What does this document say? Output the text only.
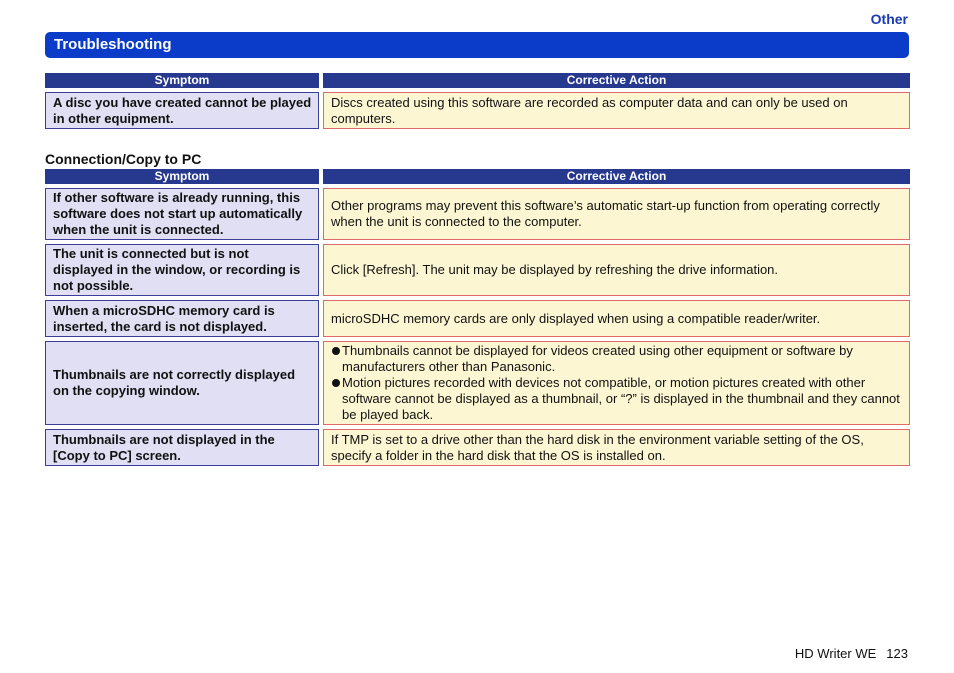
Other
Troubleshooting
Symptom	Corrective Action
A disc you have created cannot be played in other equipment.
Discs created using this software are recorded as computer data and can only be used on computers.
Connection/Copy to PC
Symptom	Corrective Action
If other software is already running, this software does not start up automatically when the unit is connected.
Other programs may prevent this software’s automatic start-up function from operating correctly when the unit is connected to the computer.
The unit is connected but is not displayed in the window, or recording is not possible.
Click [Refresh]. The unit may be displayed by refreshing the drive information.
When a microSDHC memory card is inserted, the card is not displayed.
microSDHC memory cards are only displayed when using a compatible reader/writer.
Thumbnails are not correctly displayed on the copying window.
Thumbnails cannot be displayed for videos created using other equipment or software by manufacturers other than Panasonic.
Motion pictures recorded with devices not compatible, or motion pictures created with other software cannot be displayed as a thumbnail, or “?” is displayed in the thumbnail and they cannot be played back.
Thumbnails are not displayed in the [Copy to PC] screen.
If TMP is set to a drive other than the hard disk in the environment variable setting of the OS, specify a folder in the hard disk that the OS is installed on.
HD Writer WE 123
